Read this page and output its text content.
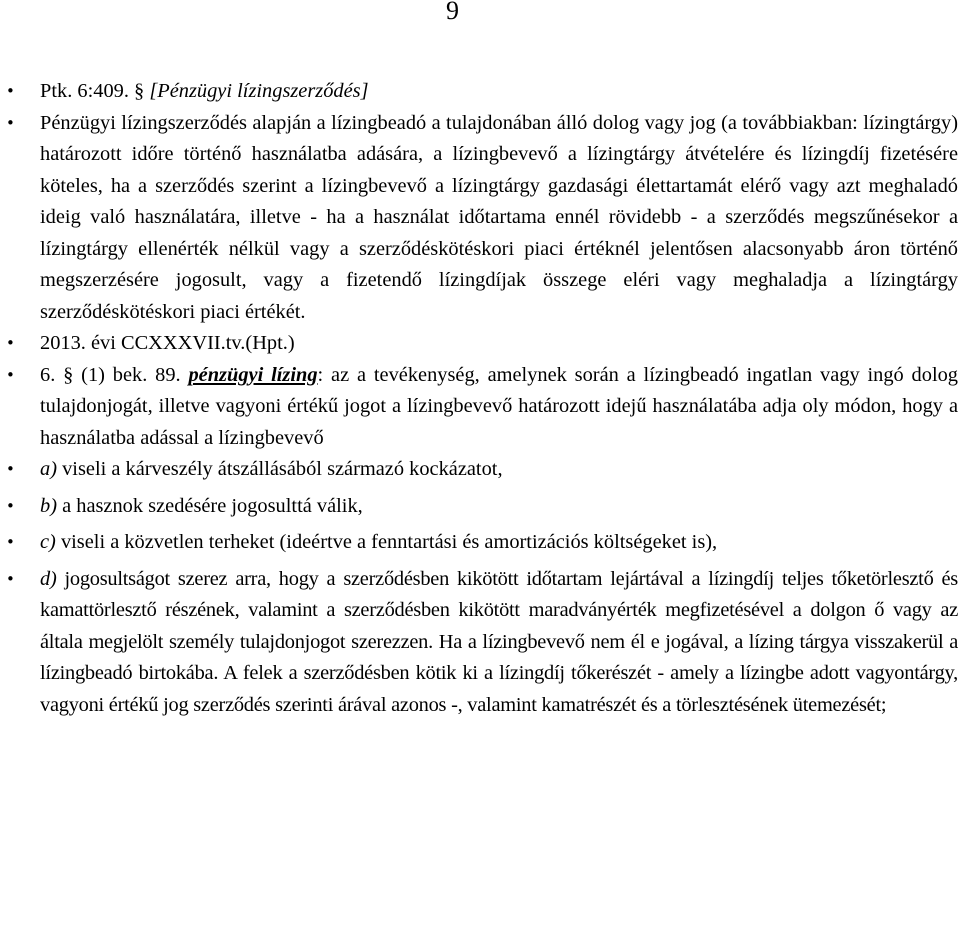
9
• Ptk. 6:409. § [Pénzügyi lízingszerződés]
• Pénzügyi lízingszerződés alapján a lízingbeadó a tulajdonában álló dolog vagy jog (a továbbiakban: lízingtárgy) határozott időre történő használatba adására, a lízingbevevő a lízingtárgy átvételére és lízingdíj fizetésére köteles, ha a szerződés szerint a lízingbevevő a lízingtárgy gazdasági élettartamát elérő vagy azt meghaladó ideig való használatára, illetve - ha a használat időtartama ennél rövidebb - a szerződés megszűnésekor a lízingtárgy ellenérték nélkül vagy a szerződéskötéskori piaci értéknél jelentősen alacsonyabb áron történő megszerzésére jogosult, vagy a fizetendő lízingdíjak összege eléri vagy meghaladja a lízingtárgy szerződéskötéskori piaci értékét.
• 2013. évi CCXXXVII.tv.(Hpt.)
• 6. § (1) bek. 89. pénzügyi lízing: az a tevékenység, amelynek során a lízingbeadó ingatlan vagy ingó dolog tulajdonjogát, illetve vagyoni értékű jogot a lízingbevevő határozott idejű használatába adja oly módon, hogy a használatba adással a lízingbevevő
• a) viseli a kárveszély átszállásából származó kockázatot,
• b) a hasznok szedésére jogosulttá válik,
• c) viseli a közvetlen terheket (ideértve a fenntartási és amortizációs költségeket is),
• d) jogosultságot szerez arra, hogy a szerződésben kikötött időtartam lejártával a lízingdíj teljes tőketörlesztő és kamattörlesztő részének, valamint a szerződésben kikötött maradványérték megfizetésével a dolgon ő vagy az általa megjelölt személy tulajdonjogot szerezzen. Ha a lízingbevevő nem él e jogával, a lízing tárgya visszakerül a lízingbeadó birtokába. A felek a szerződésben kötik ki a lízingdíj tőkerészét - amely a lízingbe adott vagyontárgy, vagyoni értékű jog szerződés szerinti árával azonos -, valamint kamatrészét és a törlesztésének ütemezését;
